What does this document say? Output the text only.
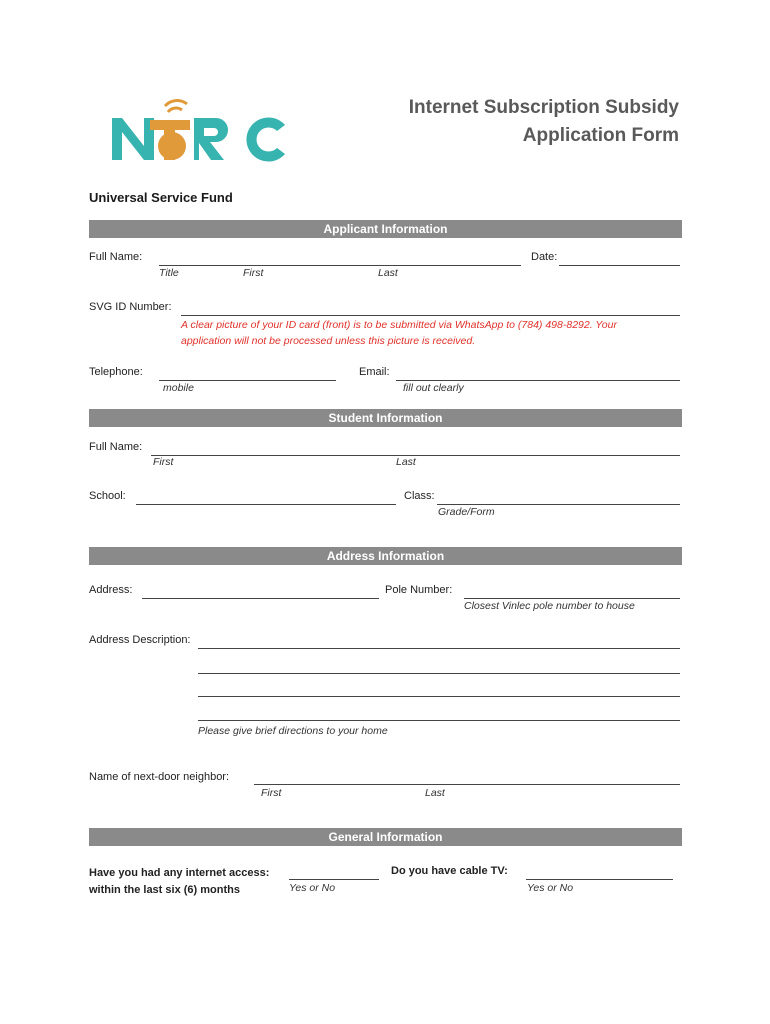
Internet Subscription Subsidy
Application Form
Universal Service Fund
Applicant Information
Full Name:	Date:
Title	First	Last
SVG ID Number:
A clear picture of your ID card (front) is to be submitted via WhatsApp to (784) 498-8292. Your
application will not be processed unless this picture is received.
Telephone:
mobile
Email:
fill out clearly
Student Information
Full Name:
First	Last
School:	Class:
Grade/Form
Address Information
Address:	Pole Number:
Closest Vinlec pole number to house
Address Description:
Please give brief directions to your home
Name of next-door neighbor:
First	Last
General Information
Have you had any internet access:
within the last six (6) months	Yes or No
Do you have cable TV:
Yes or No
